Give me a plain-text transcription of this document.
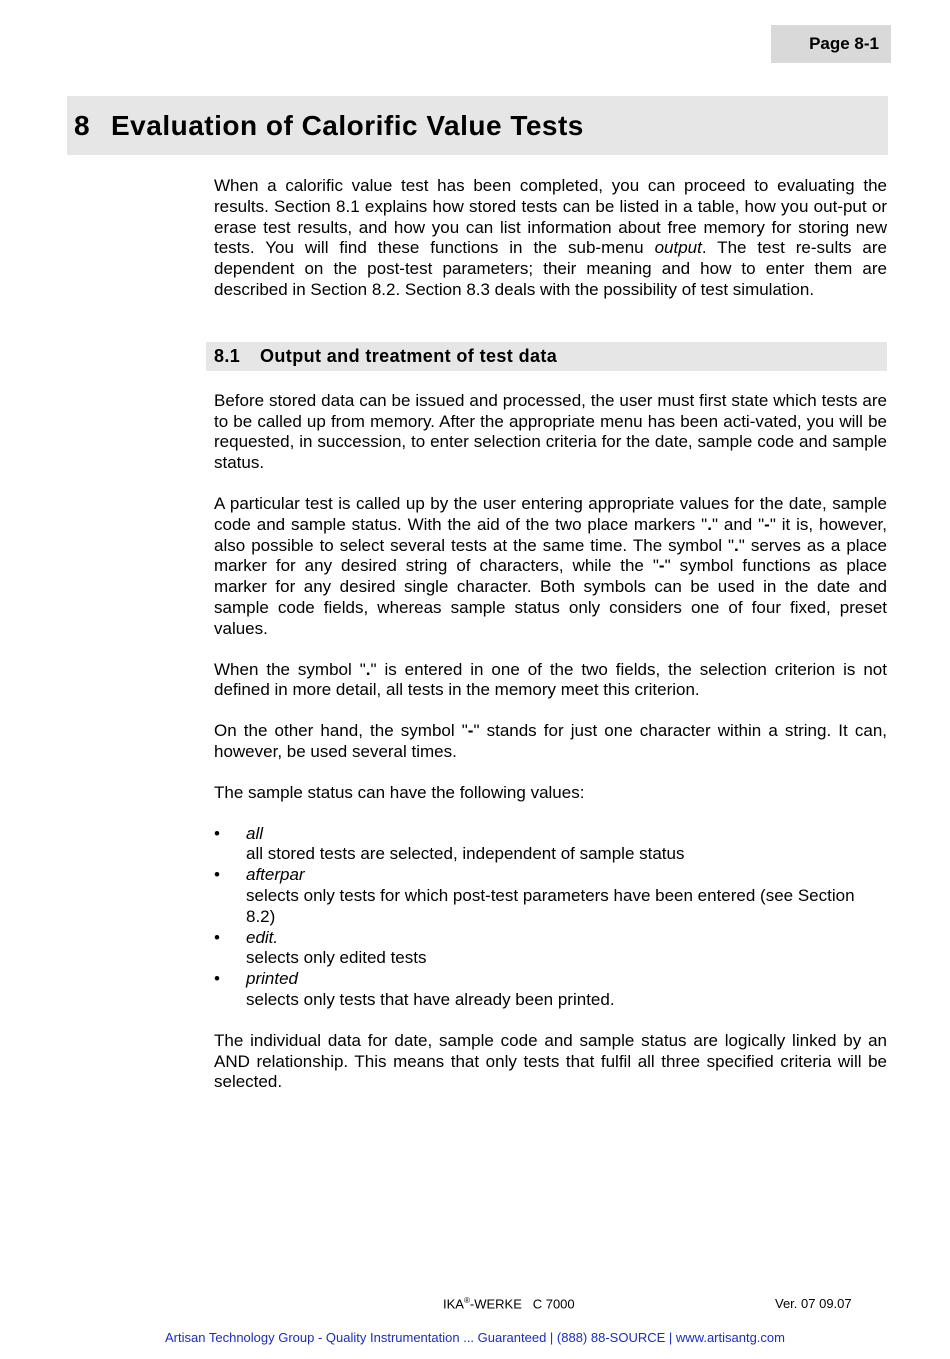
Page 8-1
8 Evaluation of Calorific Value Tests

When a calorific value test has been completed, you can proceed to evaluating the results. Section 8.1 explains how stored tests can be listed in a table, how you out-put or erase test results, and how you can list information about free memory for storing new tests. You will find these functions in the sub-menu output. The test re-sults are dependent on the post-test parameters; their meaning and how to enter them are described in Section 8.2. Section 8.3 deals with the possibility of test simulation.

8.1 Output and treatment of test data

Before stored data can be issued and processed, the user must first state which tests are to be called up from memory. After the appropriate menu has been acti-vated, you will be requested, in succession, to enter selection criteria for the date, sample code and sample status.

A particular test is called up by the user entering appropriate values for the date, sample code and sample status. With the aid of the two place markers "." and "-" it is, however, also possible to select several tests at the same time. The symbol "." serves as a place marker for any desired string of characters, while the "-" symbol functions as place marker for any desired single character. Both symbols can be used in the date and sample code fields, whereas sample status only considers one of four fixed, preset values.

When the symbol "." is entered in one of the two fields, the selection criterion is not defined in more detail, all tests in the memory meet this criterion.

On the other hand, the symbol "-" stands for just one character within a string. It can, however, be used several times.

The sample status can have the following values:

• all
all stored tests are selected, independent of sample status
• afterpar
selects only tests for which post-test parameters have been entered (see Section 8.2)
• edit.
selects only edited tests
• printed
selects only tests that have already been printed.

The individual data for date, sample code and sample status are logically linked by an AND relationship. This means that only tests that fulfil all three specified criteria will be selected.

IKA®-WERKE   C 7000	Ver. 07 09.07
Artisan Technology Group - Quality Instrumentation ... Guaranteed | (888) 88-SOURCE | www.artisantg.com
